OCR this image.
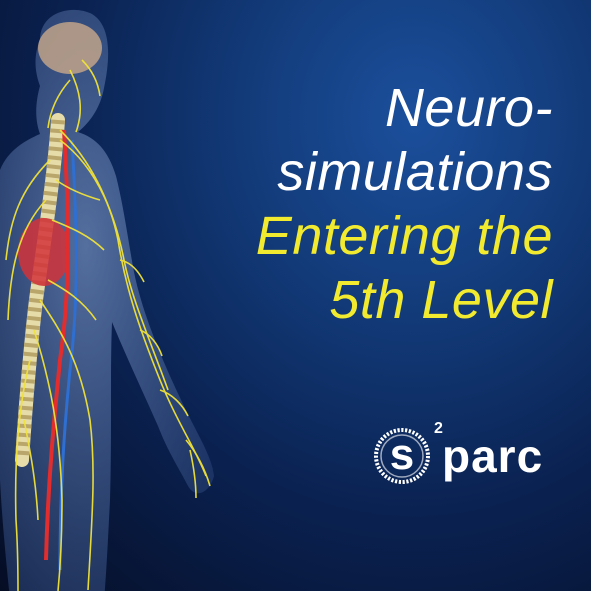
Neuro-
simulations
Entering the
5th Level
s
2
parc
